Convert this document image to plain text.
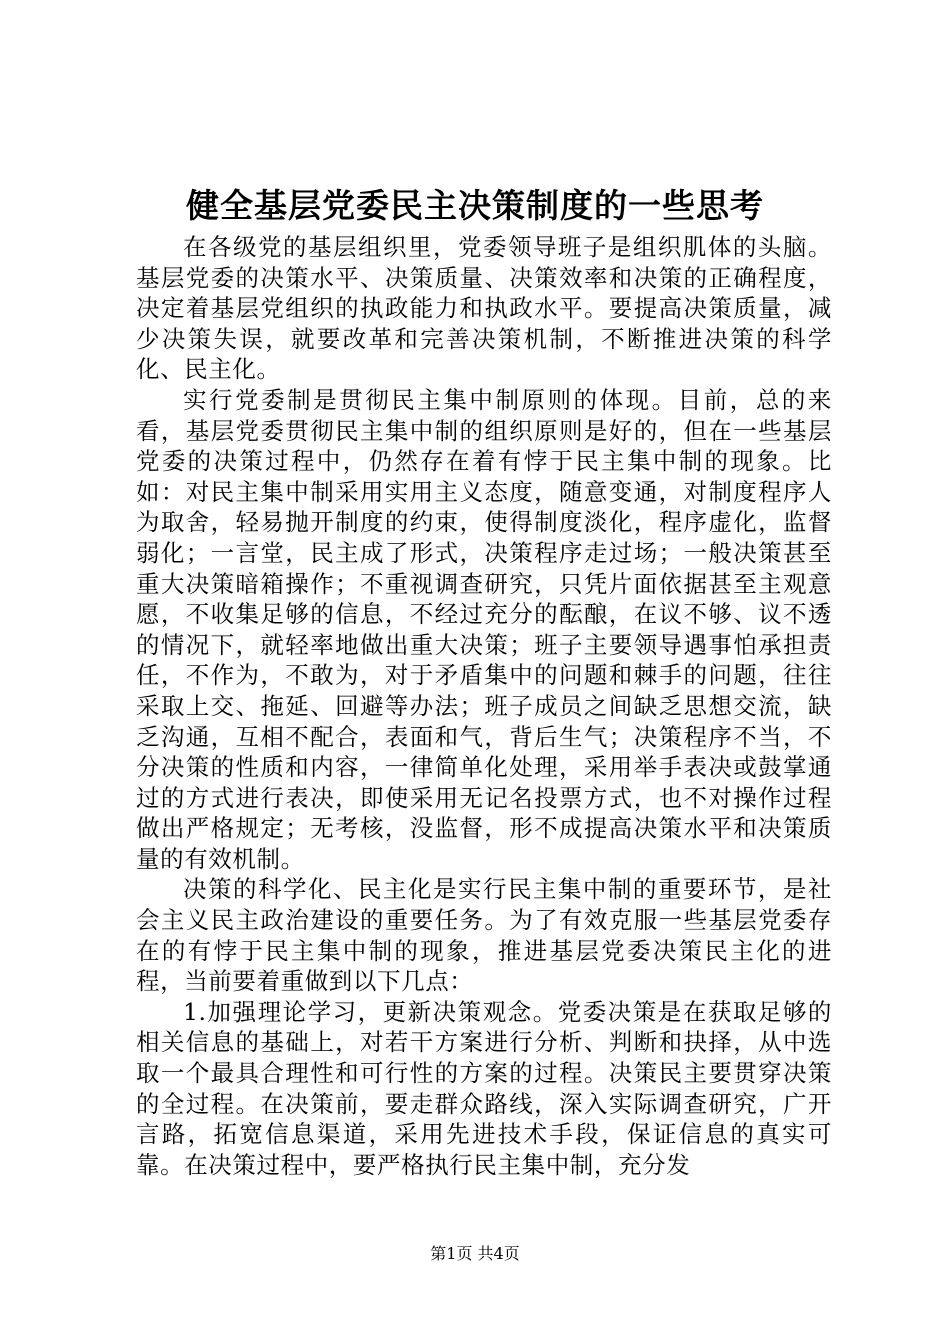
健全基层党委民主决策制度的一些思考

在各级党的基层组织里，党委领导班子是组织肌体的头脑。基层党委的决策水平、决策质量、决策效率和决策的正确程度，决定着基层党组织的执政能力和执政水平。要提高决策质量，减少决策失误，就要改革和完善决策机制，不断推进决策的科学化、民主化。

实行党委制是贯彻民主集中制原则的体现。目前，总的来看，基层党委贯彻民主集中制的组织原则是好的，但在一些基层党委的决策过程中，仍然存在着有悖于民主集中制的现象。比如：对民主集中制采用实用主义态度，随意变通，对制度程序人为取舍，轻易抛开制度的约束，使得制度淡化，程序虚化，监督弱化；一言堂，民主成了形式，决策程序走过场；一般决策甚至重大决策暗箱操作；不重视调查研究，只凭片面依据甚至主观意愿，不收集足够的信息，不经过充分的酝酿，在议不够、议不透的情况下，就轻率地做出重大决策；班子主要领导遇事怕承担责任，不作为，不敢为，对于矛盾集中的问题和棘手的问题，往往采取上交、拖延、回避等办法；班子成员之间缺乏思想交流，缺乏沟通，互相不配合，表面和气，背后生气；决策程序不当，不分决策的性质和内容，一律简单化处理，采用举手表决或鼓掌通过的方式进行表决，即使采用无记名投票方式，也不对操作过程做出严格规定；无考核，没监督，形不成提高决策水平和决策质量的有效机制。

决策的科学化、民主化是实行民主集中制的重要环节，是社会主义民主政治建设的重要任务。为了有效克服一些基层党委存在的有悖于民主集中制的现象，推进基层党委决策民主化的进程，当前要着重做到以下几点：

1.加强理论学习，更新决策观念。党委决策是在获取足够的相关信息的基础上，对若干方案进行分析、判断和抉择，从中选取一个最具合理性和可行性的方案的过程。决策民主要贯穿决策的全过程。在决策前，要走群众路线，深入实际调查研究，广开言路，拓宽信息渠道，采用先进技术手段，保证信息的真实可靠。在决策过程中，要严格执行民主集中制，充分发

第1页 共4页
